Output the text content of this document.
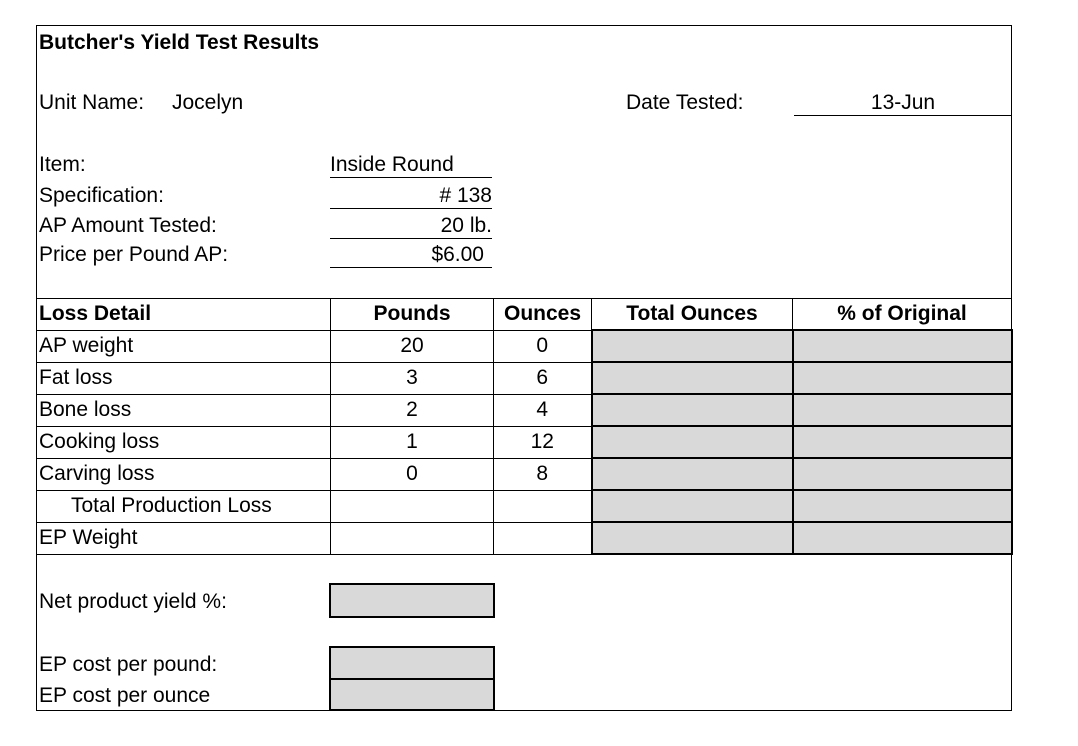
Butcher's Yield Test Results
Unit Name: Jocelyn	Date Tested:	13-Jun
Item:	Inside Round
Specification:	# 138
AP Amount Tested:	20 lb.
Price per Pound AP:	$6.00
Loss Detail	Pounds	Ounces	Total Ounces	% of Original
AP weight	20	0		
Fat loss	3	6		
Bone loss	2	4		
Cooking loss	1	12		
Carving loss	0	8		
Total Production Loss				
EP Weight				
Net product yield %:
EP cost per pound:
EP cost per ounce
